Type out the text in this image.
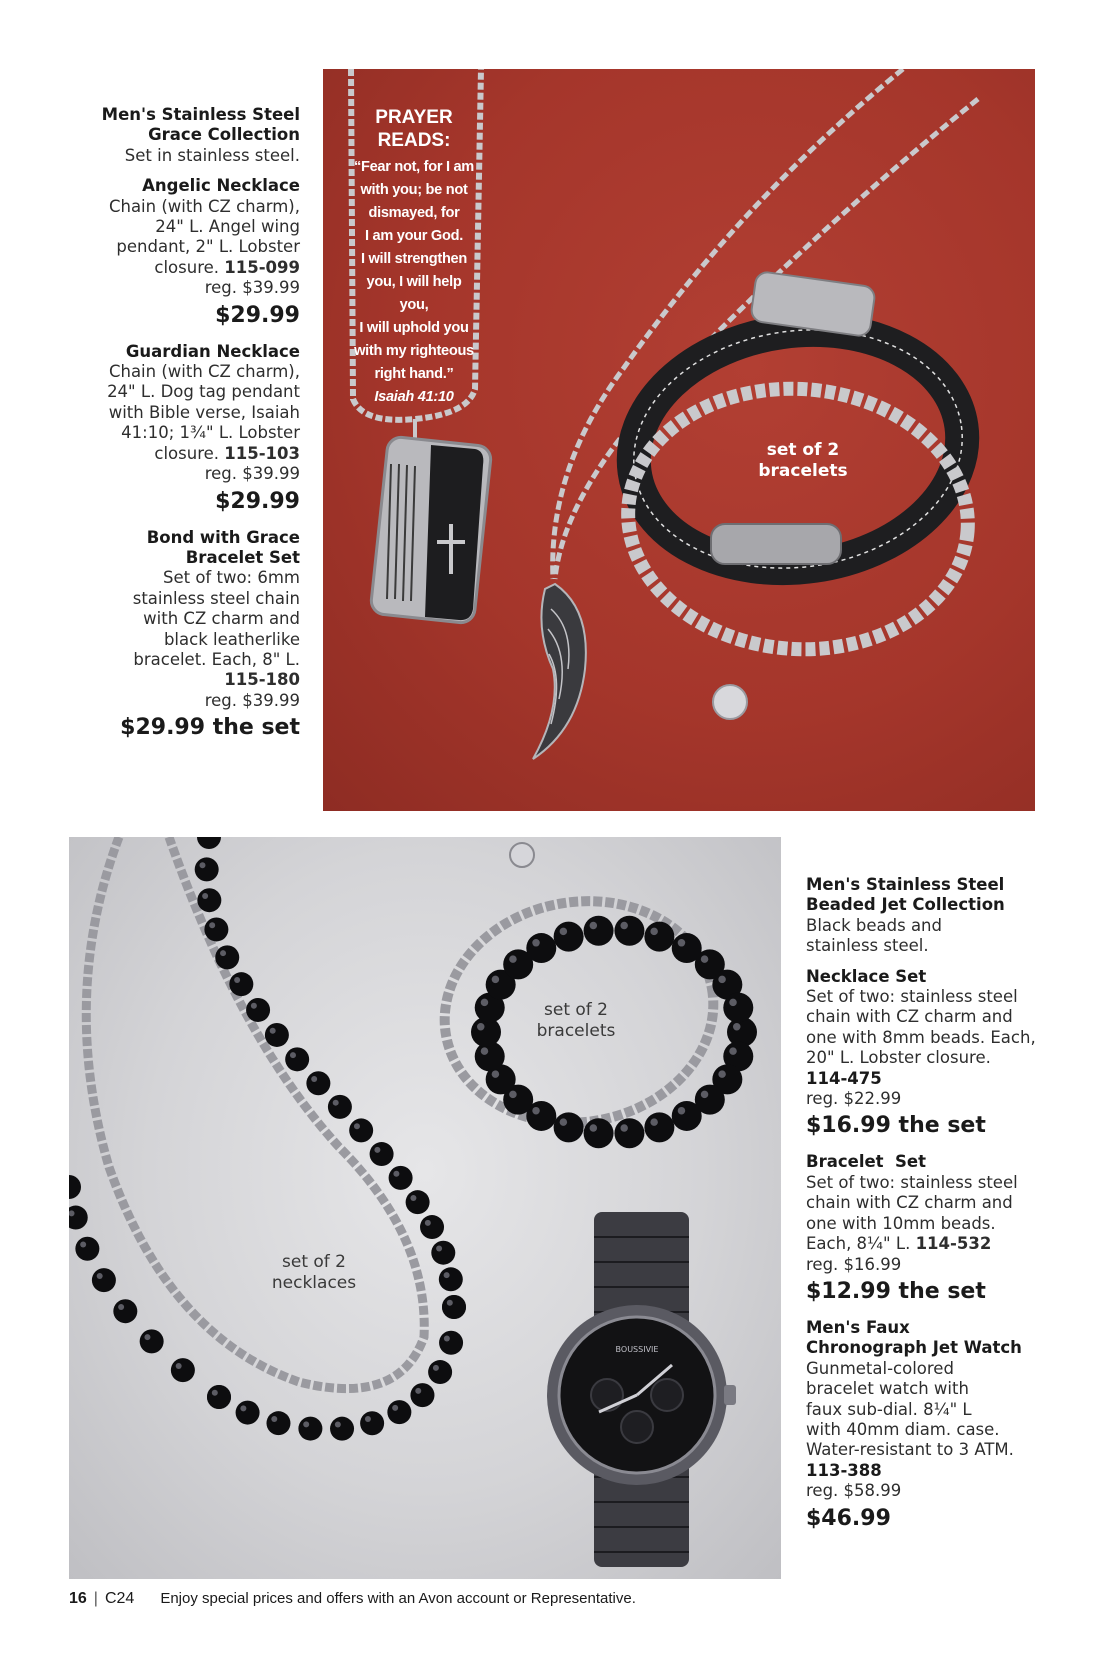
Men's Stainless Steel
Grace Collection
Set in stainless steel.
Angelic Necklace
Chain (with CZ charm),
24" L. Angel wing
pendant, 2" L. Lobster
closure. 115-099
reg. $39.99
$29.99
Guardian Necklace
Chain (with CZ charm),
24" L. Dog tag pendant
with Bible verse, Isaiah
41:10; 1¾" L. Lobster
closure. 115-103
reg. $39.99
$29.99
Bond with Grace
Bracelet Set
Set of two: 6mm
stainless steel chain
with CZ charm and
black leatherlike
bracelet. Each, 8" L.
115-180
reg. $39.99
$29.99 the set
PRAYER
READS:
“Fear not, for I am
with you; be not
dismayed, for
I am your God.
I will strengthen
you, I will help you,
I will uphold you
with my righteous
right hand.”
Isaiah 41:10
set of 2
bracelets
BOUSSIVIE
set of 2
bracelets
set of 2
necklaces
Men's Stainless Steel
Beaded Jet Collection
Black beads and
stainless steel.
Necklace Set
Set of two: stainless steel
chain with CZ charm and
one with 8mm beads. Each,
20" L. Lobster closure.
114-475
reg. $22.99
$16.99 the set
Bracelet  Set
Set of two: stainless steel
chain with CZ charm and
one with 10mm beads.
Each, 8¼" L. 114-532
reg. $16.99
$12.99 the set
Men's Faux
Chronograph Jet Watch
Gunmetal-colored
bracelet watch with
faux sub-dial. 8¼" L
with 40mm diam. case.
Water-resistant to 3 ATM.
113-388
reg. $58.99
$46.99
16 | C24 Enjoy special prices and offers with an Avon account or Representative.
